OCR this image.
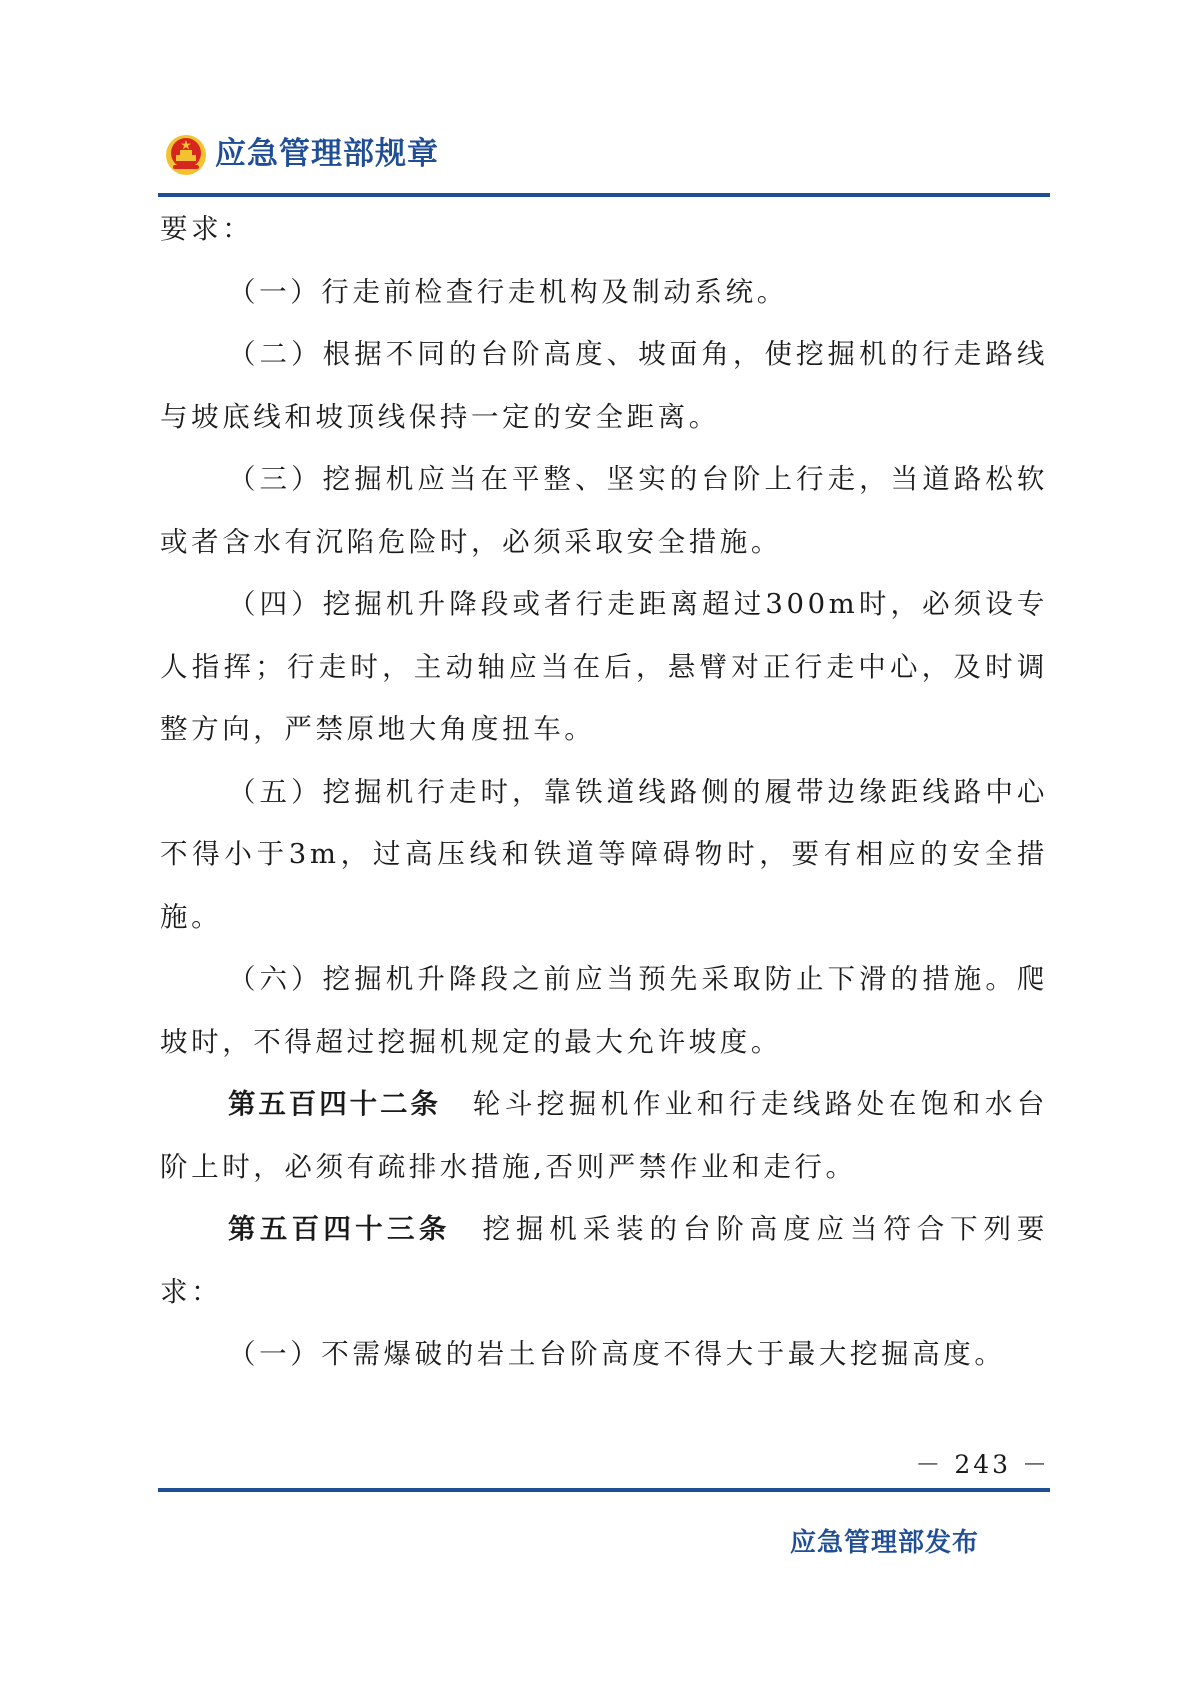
应急管理部规章

要求：

（一）行走前检查行走机构及制动系统。

（二）根据不同的台阶高度、坡面角，使挖掘机的行走路线与坡底线和坡顶线保持一定的安全距离。

（三）挖掘机应当在平整、坚实的台阶上行走，当道路松软或者含水有沉陷危险时，必须采取安全措施。

（四）挖掘机升降段或者行走距离超过300m时，必须设专人指挥；行走时，主动轴应当在后，悬臂对正行走中心，及时调整方向，严禁原地大角度扭车。

（五）挖掘机行走时，靠铁道线路侧的履带边缘距线路中心不得小于3m，过高压线和铁道等障碍物时，要有相应的安全措施。

（六）挖掘机升降段之前应当预先采取防止下滑的措施。爬坡时，不得超过挖掘机规定的最大允许坡度。

第五百四十二条 轮斗挖掘机作业和行走线路处在饱和水台阶上时，必须有疏排水措施,否则严禁作业和走行。

第五百四十三条 挖掘机采装的台阶高度应当符合下列要求：

（一）不需爆破的岩土台阶高度不得大于最大挖掘高度。

－ 243 －
应急管理部发布
